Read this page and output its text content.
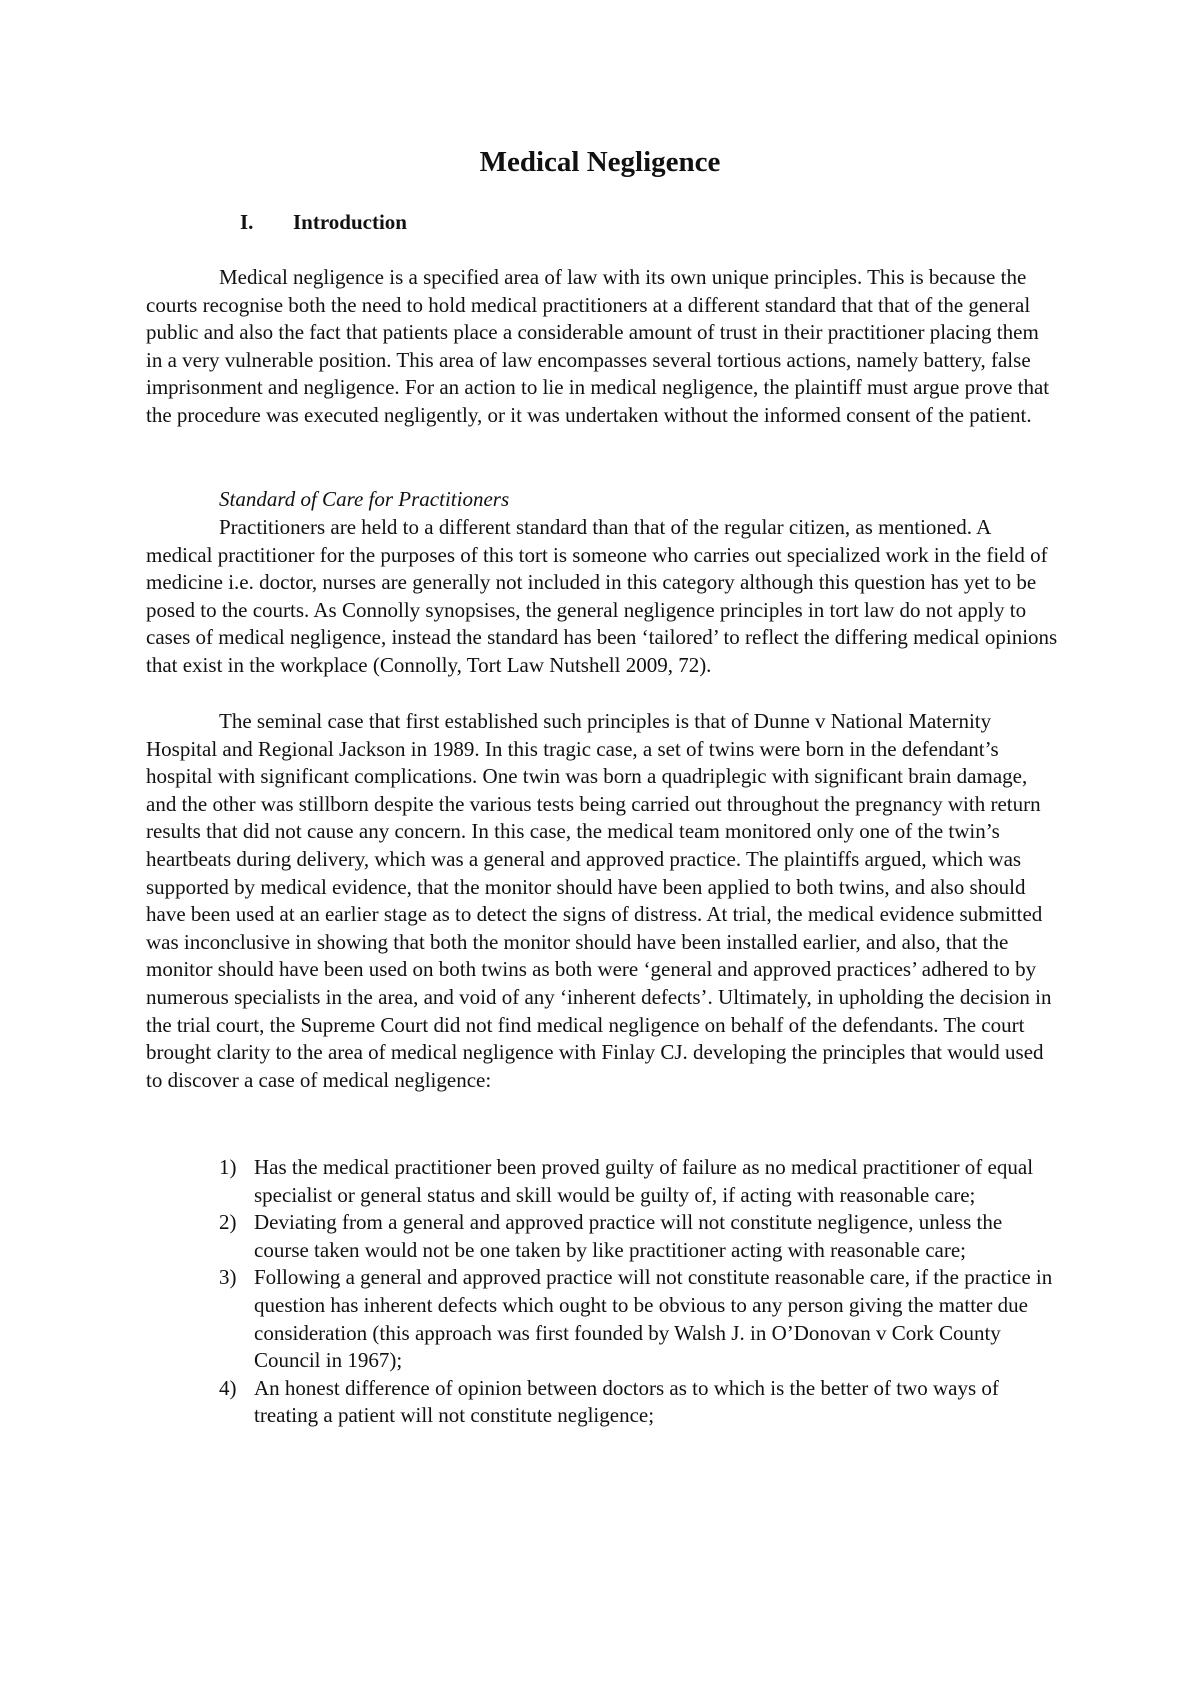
Medical Negligence
I. Introduction

Medical negligence is a specified area of law with its own unique principles. This is because the courts recognise both the need to hold medical practitioners at a different standard that that of the general public and also the fact that patients place a considerable amount of trust in their practitioner placing them in a very vulnerable position. This area of law encompasses several tortious actions, namely battery, false imprisonment and negligence. For an action to lie in medical negligence, the plaintiff must argue prove that the procedure was executed negligently, or it was undertaken without the informed consent of the patient.

Standard of Care for Practitioners

Practitioners are held to a different standard than that of the regular citizen, as mentioned. A medical practitioner for the purposes of this tort is someone who carries out specialized work in the field of medicine i.e. doctor, nurses are generally not included in this category although this question has yet to be posed to the courts. As Connolly synopsises, the general negligence principles in tort law do not apply to cases of medical negligence, instead the standard has been ‘tailored’ to reflect the differing medical opinions that exist in the workplace (Connolly, Tort Law Nutshell 2009, 72).

The seminal case that first established such principles is that of Dunne v National Maternity Hospital and Regional Jackson in 1989. In this tragic case, a set of twins were born in the defendant’s hospital with significant complications. One twin was born a quadriplegic with significant brain damage, and the other was stillborn despite the various tests being carried out throughout the pregnancy with return results that did not cause any concern. In this case, the medical team monitored only one of the twin’s heartbeats during delivery, which was a general and approved practice. The plaintiffs argued, which was supported by medical evidence, that the monitor should have been applied to both twins, and also should have been used at an earlier stage as to detect the signs of distress. At trial, the medical evidence submitted was inconclusive in showing that both the monitor should have been installed earlier, and also, that the monitor should have been used on both twins as both were ‘general and approved practices’ adhered to by numerous specialists in the area, and void of any ‘inherent defects’. Ultimately, in upholding the decision in the trial court, the Supreme Court did not find medical negligence on behalf of the defendants. The court brought clarity to the area of medical negligence with Finlay CJ. developing the principles that would used to discover a case of medical negligence:

1) Has the medical practitioner been proved guilty of failure as no medical practitioner of equal specialist or general status and skill would be guilty of, if acting with reasonable care;
2) Deviating from a general and approved practice will not constitute negligence, unless the course taken would not be one taken by like practitioner acting with reasonable care;
3) Following a general and approved practice will not constitute reasonable care, if the practice in question has inherent defects which ought to be obvious to any person giving the matter due consideration (this approach was first founded by Walsh J. in O’Donovan v Cork County Council in 1967);
4) An honest difference of opinion between doctors as to which is the better of two ways of treating a patient will not constitute negligence;
